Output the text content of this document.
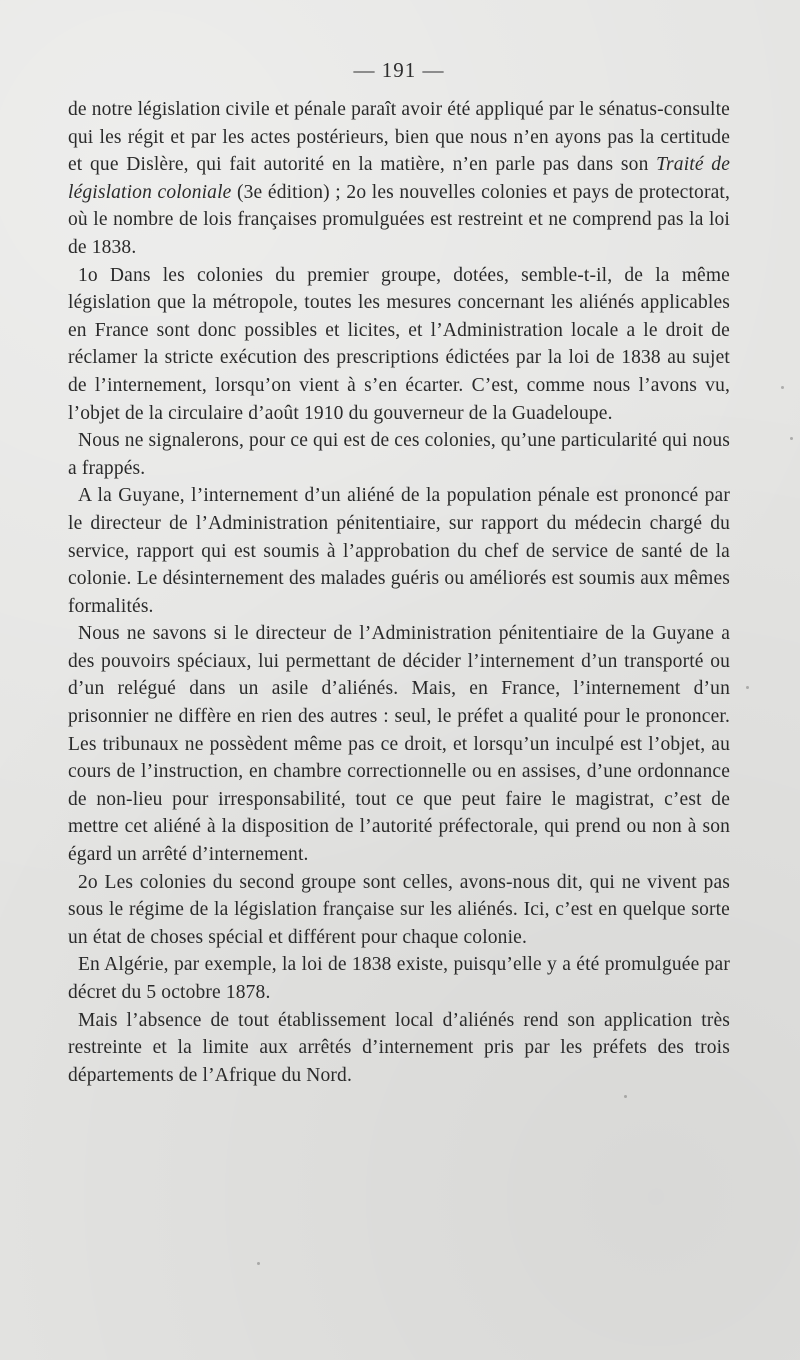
— 191 —

de notre législation civile et pénale paraît avoir été appliqué par le sénatus-consulte qui les régit et par les actes postérieurs, bien que nous n’en ayons pas la certitude et que Dislère, qui fait autorité en la matière, n’en parle pas dans son Traité de législation coloniale (3e édition) ; 2o les nouvelles colonies et pays de protectorat, où le nombre de lois françaises promulguées est restreint et ne comprend pas la loi de 1838.

1o Dans les colonies du premier groupe, dotées, semble-t-il, de la même législation que la métropole, toutes les mesures concernant les aliénés applicables en France sont donc possibles et licites, et l’Administration locale a le droit de réclamer la stricte exécution des prescriptions édictées par la loi de 1838 au sujet de l’internement, lorsqu’on vient à s’en écarter. C’est, comme nous l’avons vu, l’objet de la circulaire d’août 1910 du gouverneur de la Guadeloupe.

Nous ne signalerons, pour ce qui est de ces colonies, qu’une particularité qui nous a frappés.

A la Guyane, l’internement d’un aliéné de la population pénale est prononcé par le directeur de l’Administration pénitentiaire, sur rapport du médecin chargé du service, rapport qui est soumis à l’approbation du chef de service de santé de la colonie. Le désinternement des malades guéris ou améliorés est soumis aux mêmes formalités.

Nous ne savons si le directeur de l’Administration pénitentiaire de la Guyane a des pouvoirs spéciaux, lui permettant de décider l’internement d’un transporté ou d’un relégué dans un asile d’aliénés. Mais, en France, l’internement d’un prisonnier ne diffère en rien des autres : seul, le préfet a qualité pour le prononcer. Les tribunaux ne possèdent même pas ce droit, et lorsqu’un inculpé est l’objet, au cours de l’instruction, en chambre correctionnelle ou en assises, d’une ordonnance de non-lieu pour irresponsabilité, tout ce que peut faire le magistrat, c’est de mettre cet aliéné à la disposition de l’autorité préfectorale, qui prend ou non à son égard un arrêté d’internement.

2o Les colonies du second groupe sont celles, avons-nous dit, qui ne vivent pas sous le régime de la législation française sur les aliénés. Ici, c’est en quelque sorte un état de choses spécial et différent pour chaque colonie.

En Algérie, par exemple, la loi de 1838 existe, puisqu’elle y a été promulguée par décret du 5 octobre 1878.

Mais l’absence de tout établissement local d’aliénés rend son application très restreinte et la limite aux arrêtés d’internement pris par les préfets des trois départements de l’Afrique du Nord.
